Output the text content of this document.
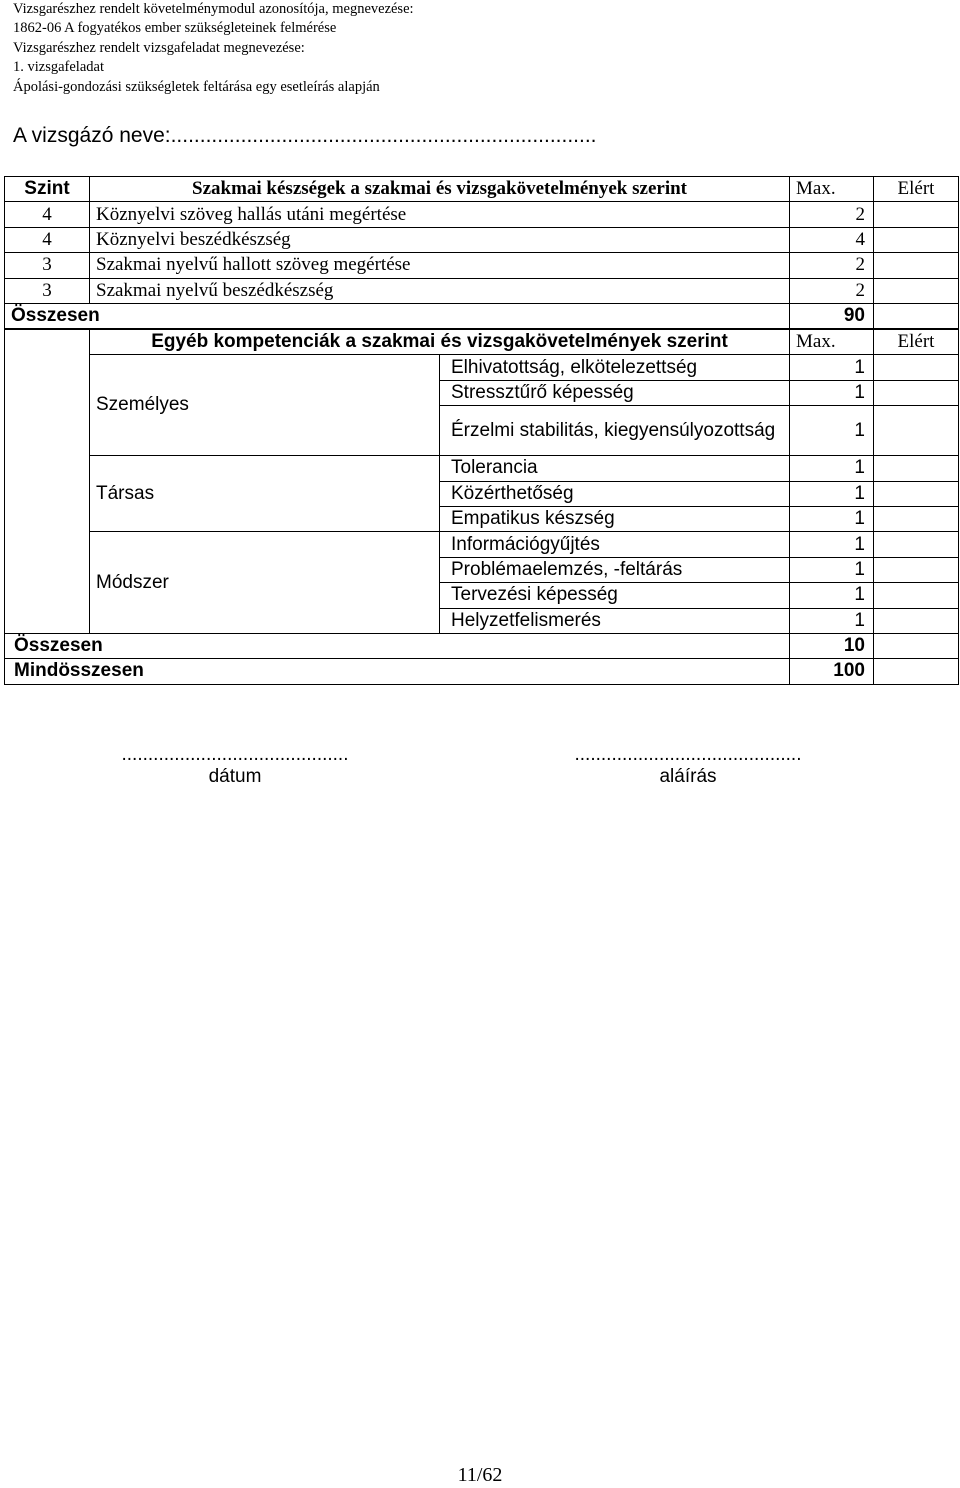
Vizsgarészhez rendelt követelménymodul azonosítója, megnevezése:
1862-06 A fogyatékos ember szükségleteinek felmérése
Vizsgarészhez rendelt vizsgafeladat megnevezése:
1. vizsgafeladat
Ápolási-gondozási szükségletek feltárása egy esetleírás alapján
A vizsgázó neve:.........................................................................
Szint	Szakmai készségek a szakmai és vizsgakövetelmények szerint	Max.	Elért
4	Köznyelvi szöveg hallás utáni megértése	2	
4	Köznyelvi beszédkészség	4	
3	Szakmai nyelvű hallott szöveg megértése	2	
3	Szakmai nyelvű beszédkészség	2	
Összesen		90	
	Egyéb kompetenciák a szakmai és vizsgakövetelmények szerint		Max.	Elért
	Személyes	Elhivatottság, elkötelezettség	1	
		Stressztűrő képesség	1	
		Érzelmi stabilitás, kiegyensúlyozottság	1	
	Társas	Tolerancia	1	
		Közérthetőség	1	
		Empatikus készség	1	
	Módszer	Információgyűjtés	1	
		Problémaelemzés, -feltárás	1	
		Tervezési képesség	1	
		Helyzetfelismerés	1	
Összesen			10	
Mindösszesen			100	
...........................................
dátum
...........................................
aláírás
11/62
